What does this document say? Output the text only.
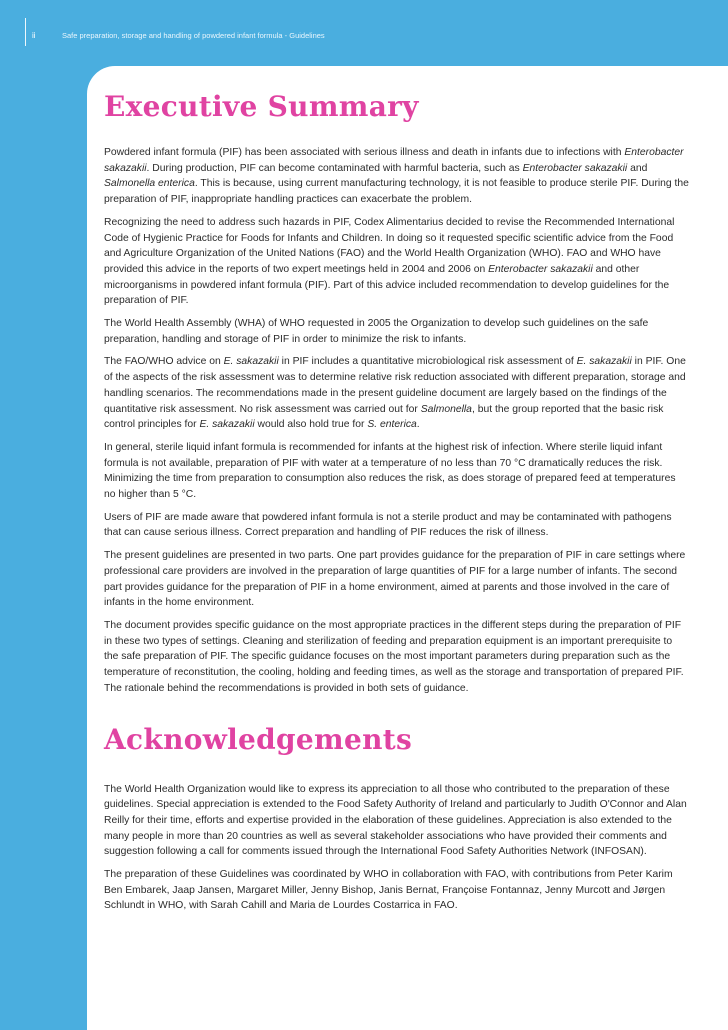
ii	Safe preparation, storage and handling of powdered infant formula - Guidelines
Executive Summary

Powdered infant formula (PIF) has been associated with serious illness and death in infants due to infections with Enterobacter sakazakii. During production, PIF can become contaminated with harmful bacteria, such as Enterobacter sakazakii and Salmonella enterica. This is because, using current manufacturing technology, it is not feasible to produce sterile PIF. During the preparation of PIF, inappropriate handling practices can exacerbate the problem.

Recognizing the need to address such hazards in PIF, Codex Alimentarius decided to revise the Recommended International Code of Hygienic Practice for Foods for Infants and Children. In doing so it requested specific scientific advice from the Food and Agriculture Organization of the United Nations (FAO) and the World Health Organization (WHO). FAO and WHO have provided this advice in the reports of two expert meetings held in 2004 and 2006 on Enterobacter sakazakii and other microorganisms in powdered infant formula (PIF). Part of this advice included recommendation to develop guidelines for the preparation of PIF.

The World Health Assembly (WHA) of WHO requested in 2005 the Organization to develop such guidelines on the safe preparation, handling and storage of PIF in order to minimize the risk to infants.

The FAO/WHO advice on E. sakazakii in PIF includes a quantitative microbiological risk assessment of E. sakazakii in PIF. One of the aspects of the risk assessment was to determine relative risk reduction associated with different preparation, storage and handling scenarios. The recommendations made in the present guideline document are largely based on the findings of the quantitative risk assessment. No risk assessment was carried out for Salmonella, but the group reported that the basic risk control principles for E. sakazakii would also hold true for S. enterica.

In general, sterile liquid infant formula is recommended for infants at the highest risk of infection. Where sterile liquid infant formula is not available, preparation of PIF with water at a temperature of no less than 70 °C dramatically reduces the risk. Minimizing the time from preparation to consumption also reduces the risk, as does storage of prepared feed at temperatures no higher than 5 °C.

Users of PIF are made aware that powdered infant formula is not a sterile product and may be contaminated with pathogens that can cause serious illness. Correct preparation and handling of PIF reduces the risk of illness.

The present guidelines are presented in two parts. One part provides guidance for the preparation of PIF in care settings where professional care providers are involved in the preparation of large quantities of PIF for a large number of infants. The second part provides guidance for the preparation of PIF in a home environment, aimed at parents and those involved in the care of infants in the home environment.

The document provides specific guidance on the most appropriate practices in the different steps during the preparation of PIF in these two types of settings. Cleaning and sterilization of feeding and preparation equipment is an important prerequisite to the safe preparation of PIF. The specific guidance focuses on the most important parameters during preparation such as the temperature of reconstitution, the cooling, holding and feeding times, as well as the storage and transportation of prepared PIF. The rationale behind the recommendations is provided in both sets of guidance.

Acknowledgements

The World Health Organization would like to express its appreciation to all those who contributed to the preparation of these guidelines. Special appreciation is extended to the Food Safety Authority of Ireland and particularly to Judith O'Connor and Alan Reilly for their time, efforts and expertise provided in the elaboration of these guidelines. Appreciation is also extended to the many people in more than 20 countries as well as several stakeholder associations who have provided their comments and suggestion following a call for comments issued through the International Food Safety Authorities Network (INFOSAN).

The preparation of these Guidelines was coordinated by WHO in collaboration with FAO, with contributions from Peter Karim Ben Embarek, Jaap Jansen, Margaret Miller, Jenny Bishop, Janis Bernat, Françoise Fontannaz, Jenny Murcott and Jørgen Schlundt in WHO, with Sarah Cahill and Maria de Lourdes Costarrica in FAO.
